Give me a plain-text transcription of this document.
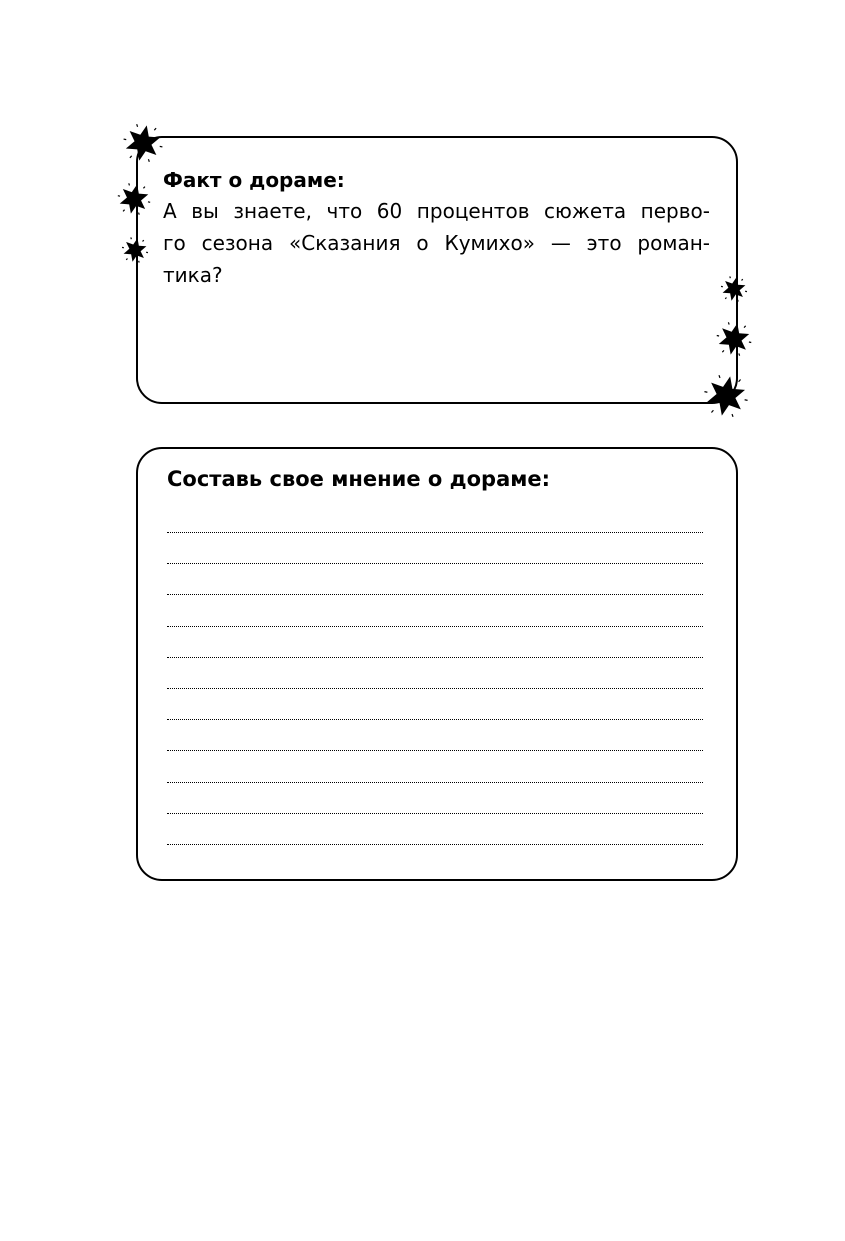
Факт о дораме:
А вы знаете, что 60 процентов сюжета перво-
го сезона «Сказания о Кумихо» — это роман-
тика?
Составь свое мнение о дораме:
